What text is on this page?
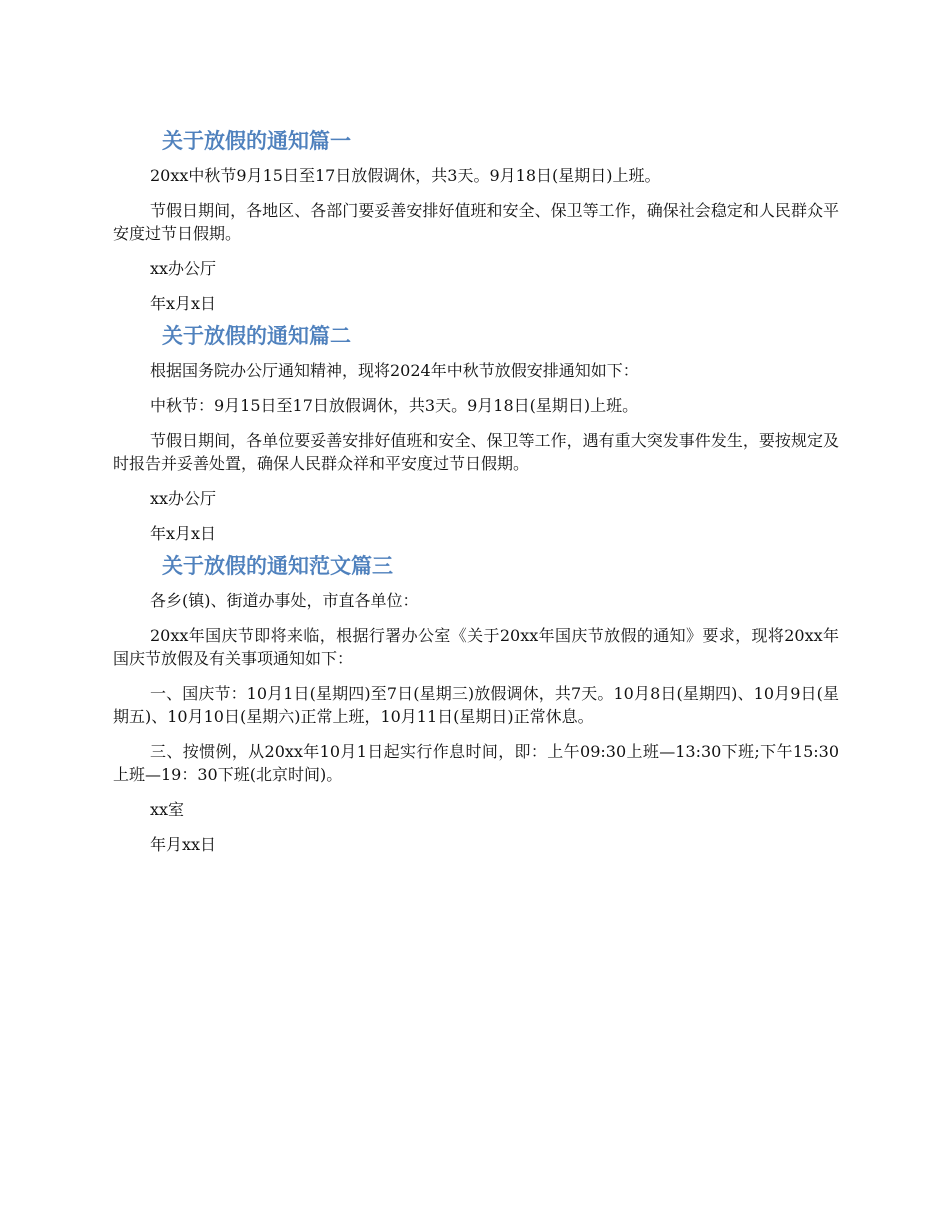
关于放假的通知篇一

20xx中秋节9月15日至17日放假调休，共3天。9月18日(星期日)上班。

节假日期间，各地区、各部门要妥善安排好值班和安全、保卫等工作，确保社会稳定和人民群众平安度过节日假期。

xx办公厅

年x月x日

关于放假的通知篇二

根据国务院办公厅通知精神，现将2024年中秋节放假安排通知如下：

中秋节：9月15日至17日放假调休，共3天。9月18日(星期日)上班。

节假日期间，各单位要妥善安排好值班和安全、保卫等工作，遇有重大突发事件发生，要按规定及时报告并妥善处置，确保人民群众祥和平安度过节日假期。

xx办公厅

年x月x日

关于放假的通知范文篇三

各乡(镇)、街道办事处，市直各单位：

20xx年国庆节即将来临，根据行署办公室《关于20xx年国庆节放假的通知》要求，现将20xx年国庆节放假及有关事项通知如下：

一、国庆节：10月1日(星期四)至7日(星期三)放假调休，共7天。10月8日(星期四)、10月9日(星期五)、10月10日(星期六)正常上班，10月11日(星期日)正常休息。

三、按惯例，从20xx年10月1日起实行作息时间，即：上午09:30上班—13:30下班;下午15:30上班—19：30下班(北京时间)。

xx室

年月xx日
